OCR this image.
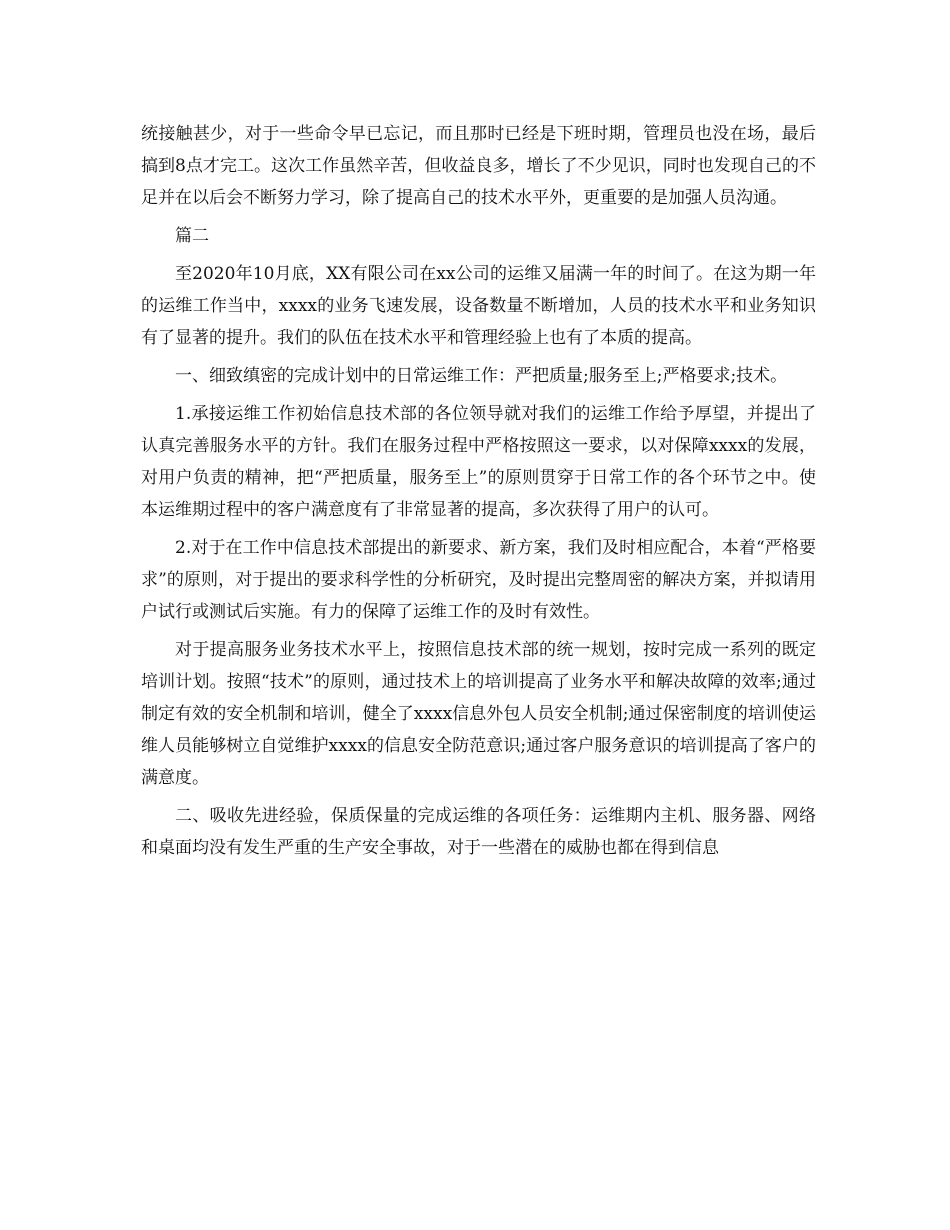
统接触甚少，对于一些命令早已忘记，而且那时已经是下班时期，管理员也没在场，最后搞到8点才完工。这次工作虽然辛苦，但收益良多，增长了不少见识，同时也发现自己的不足并在以后会不断努力学习，除了提高自己的技术水平外，更重要的是加强人员沟通。

篇二

至2020年10月底，XX有限公司在xx公司的运维又届满一年的时间了。在这为期一年的运维工作当中，xxxx的业务飞速发展，设备数量不断增加，人员的技术水平和业务知识有了显著的提升。我们的队伍在技术水平和管理经验上也有了本质的提高。

一、细致缜密的完成计划中的日常运维工作：严把质量;服务至上;严格要求;技术。

1.承接运维工作初始信息技术部的各位领导就对我们的运维工作给予厚望，并提出了认真完善服务水平的方针。我们在服务过程中严格按照这一要求，以对保障xxxx的发展，对用户负责的精神，把“严把质量，服务至上”的原则贯穿于日常工作的各个环节之中。使本运维期过程中的客户满意度有了非常显著的提高，多次获得了用户的认可。

2.对于在工作中信息技术部提出的新要求、新方案，我们及时相应配合，本着“严格要求”的原则，对于提出的要求科学性的分析研究，及时提出完整周密的解决方案，并拟请用户试行或测试后实施。有力的保障了运维工作的及时有效性。

对于提高服务业务技术水平上，按照信息技术部的统一规划，按时完成一系列的既定培训计划。按照“技术”的原则，通过技术上的培训提高了业务水平和解决故障的效率;通过制定有效的安全机制和培训，健全了xxxx信息外包人员安全机制;通过保密制度的培训使运维人员能够树立自觉维护xxxx的信息安全防范意识;通过客户服务意识的培训提高了客户的满意度。

二、吸收先进经验，保质保量的完成运维的各项任务：运维期内主机、服务器、网络和桌面均没有发生严重的生产安全事故，对于一些潜在的威胁也都在得到信息
